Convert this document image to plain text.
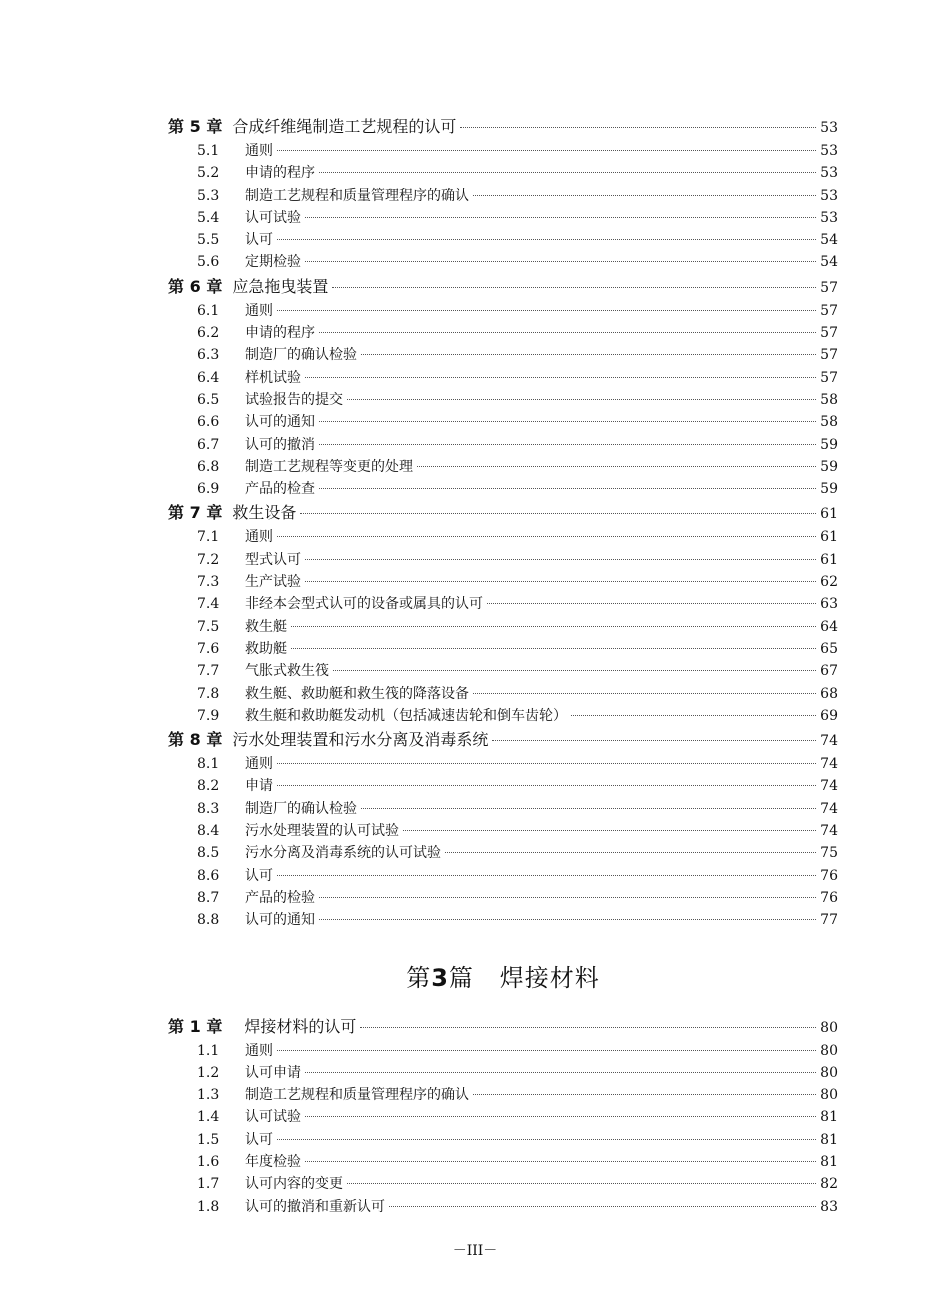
第 5 章 合成纤维绳制造工艺规程的认可	53
5.1	通则	53
5.2	申请的程序	53
5.3	制造工艺规程和质量管理程序的确认	53
5.4	认可试验	53
5.5	认可	54
5.6	定期检验	54
第 6 章 应急拖曳装置	57
6.1	通则	57
6.2	申请的程序	57
6.3	制造厂的确认检验	57
6.4	样机试验	57
6.5	试验报告的提交	58
6.6	认可的通知	58
6.7	认可的撤消	59
6.8	制造工艺规程等变更的处理	59
6.9	产品的检查	59
第 7 章 救生设备	61
7.1	通则	61
7.2	型式认可	61
7.3	生产试验	62
7.4	非经本会型式认可的设备或属具的认可	63
7.5	救生艇	64
7.6	救助艇	65
7.7	气胀式救生筏	67
7.8	救生艇、救助艇和救生筏的降落设备	68
7.9	救生艇和救助艇发动机（包括减速齿轮和倒车齿轮）	69
第 8 章 污水处理装置和污水分离及消毒系统	74
8.1	通则	74
8.2	申请	74
8.3	制造厂的确认检验	74
8.4	污水处理装置的认可试验	74
8.5	污水分离及消毒系统的认可试验	75
8.6	认可	76
8.7	产品的检验	76
8.8	认可的通知	77
第3篇 焊接材料
第 1 章 焊接材料的认可	80
1.1	通则	80
1.2	认可申请	80
1.3	制造工艺规程和质量管理程序的确认	80
1.4	认可试验	81
1.5	认可	81
1.6	年度检验	81
1.7	认可内容的变更	82
1.8	认可的撤消和重新认可	83
－III－
